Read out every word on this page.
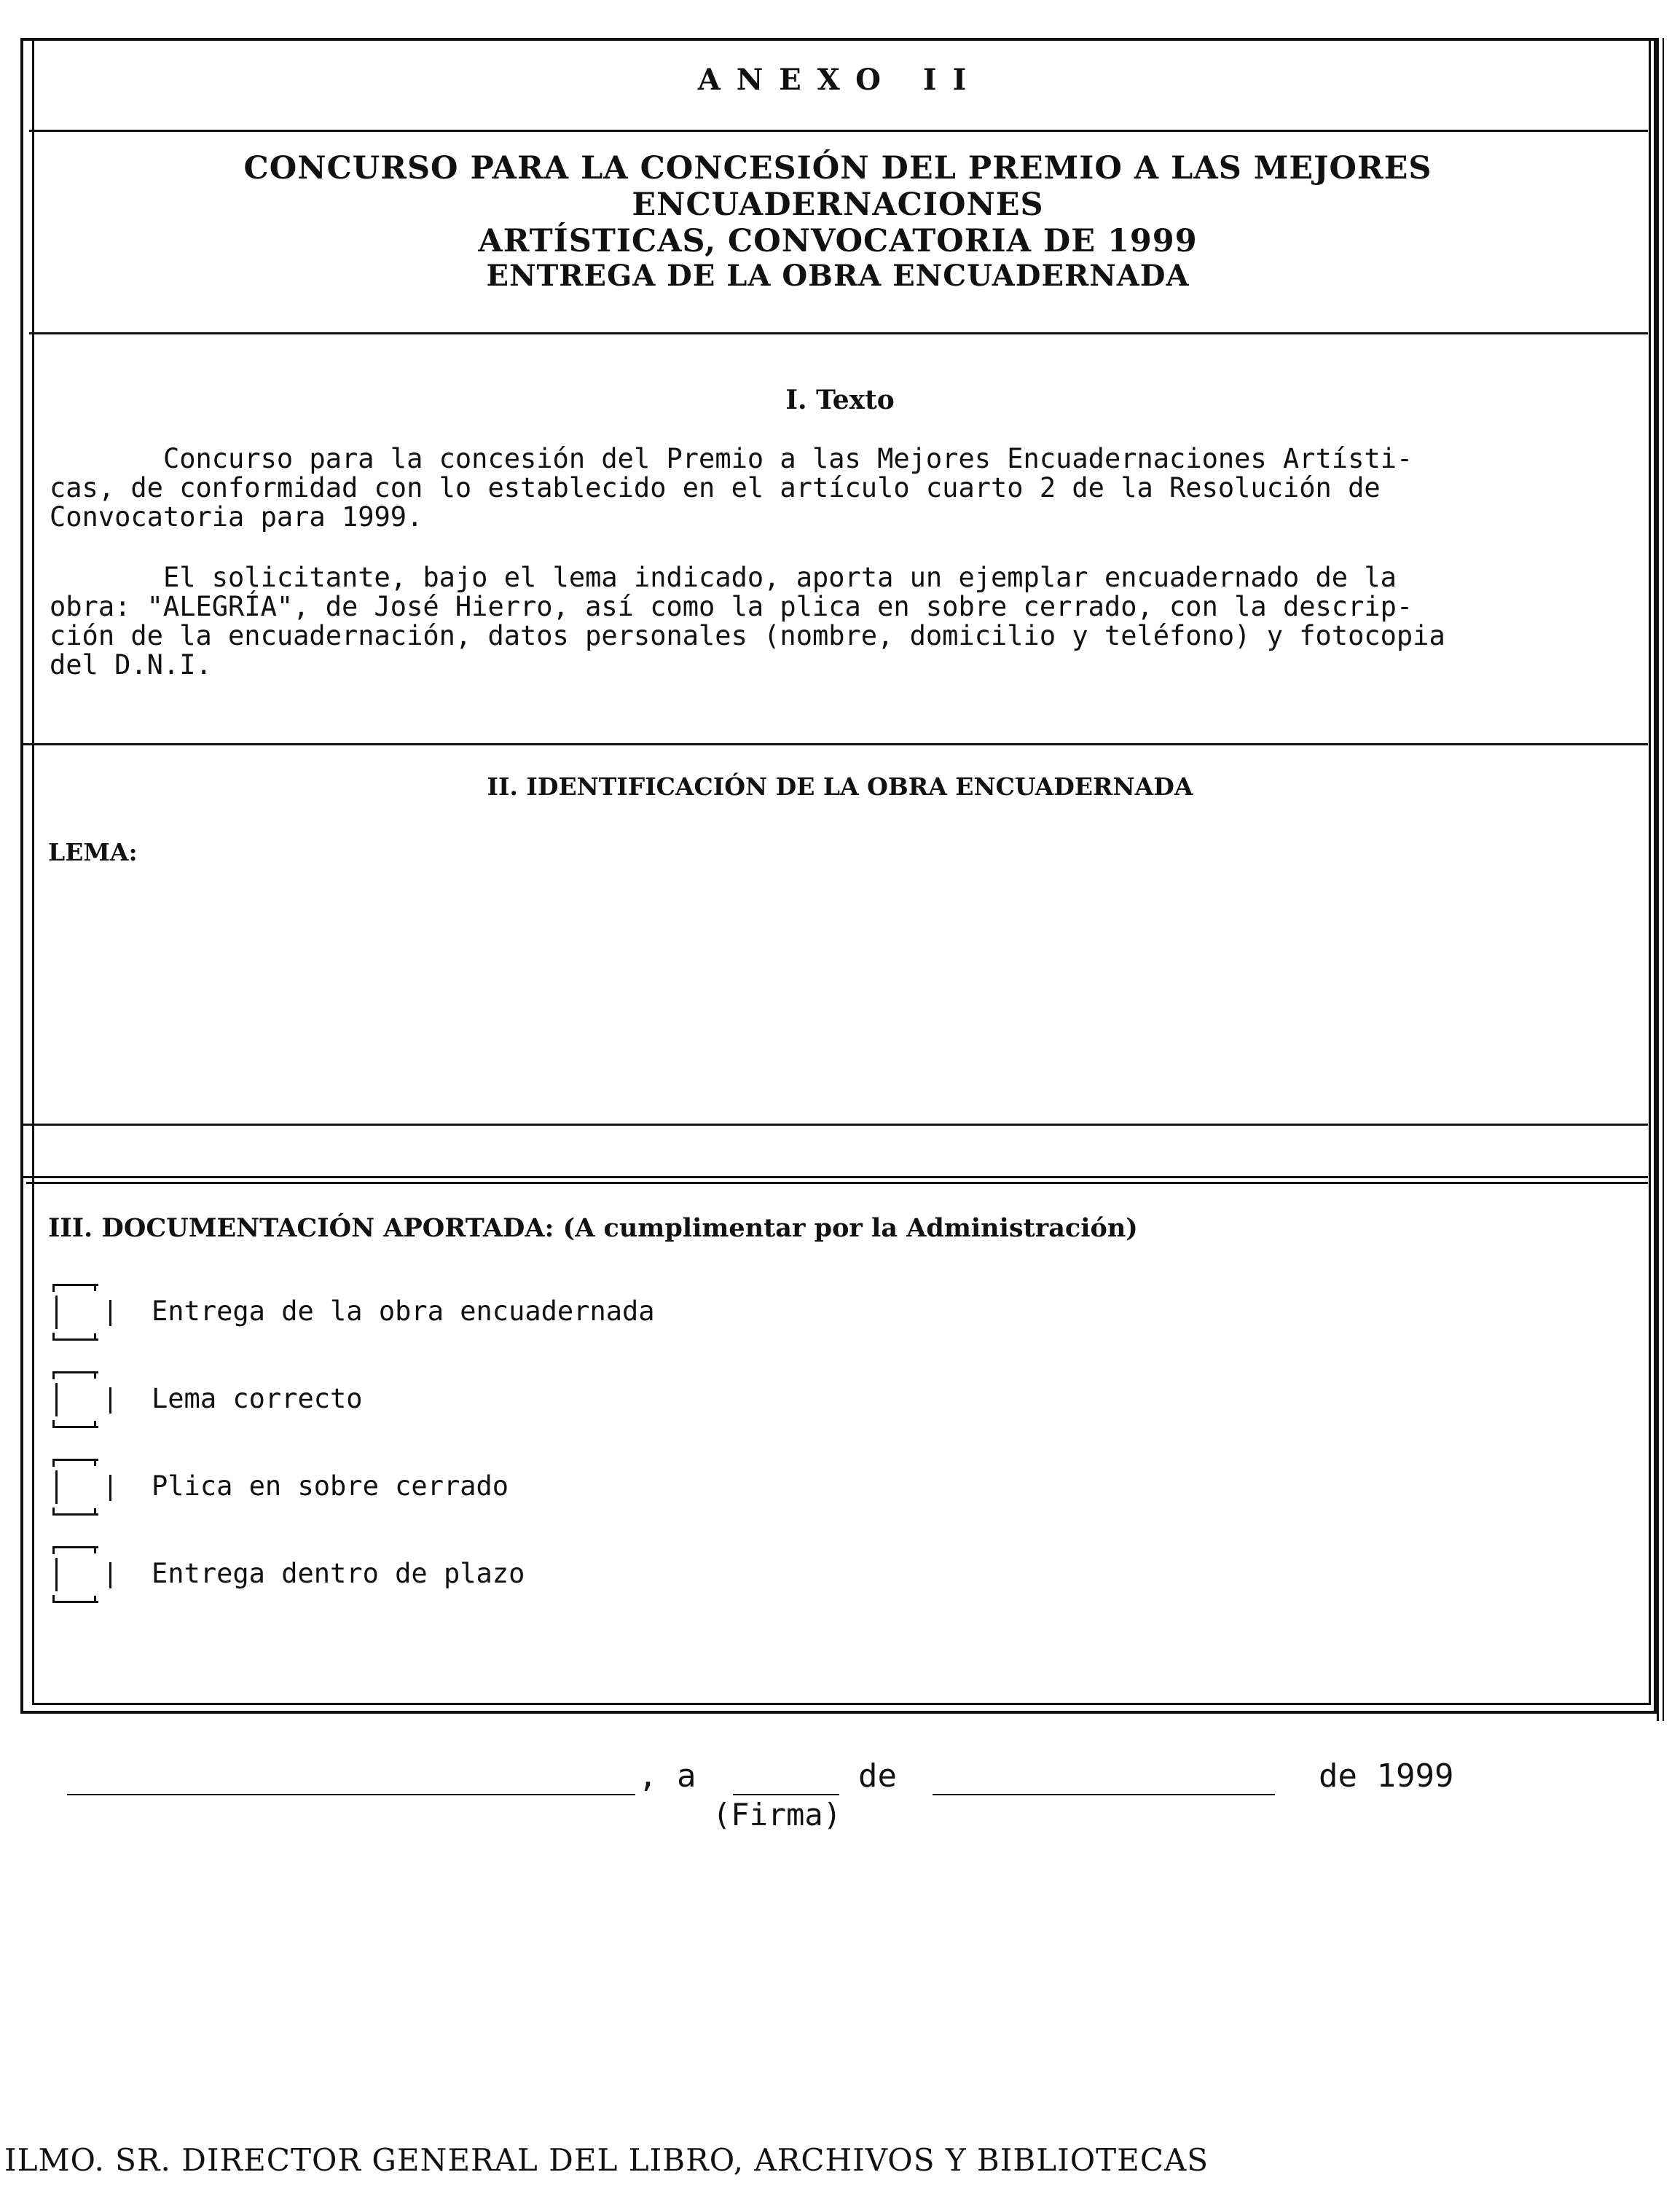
ANEXO II
CONCURSO PARA LA CONCESIÓN DEL PREMIO A LAS MEJORES ENCUADERNACIONES
ARTÍSTICAS, CONVOCATORIA DE 1999
ENTREGA DE LA OBRA ENCUADERNADA
I. Texto
Concurso para la concesión del Premio a las Mejores Encuadernaciones Artísti-
cas, de conformidad con lo establecido en el artículo cuarto 2 de la Resolución de
Convocatoria para 1999.
El solicitante, bajo el lema indicado, aporta un ejemplar encuadernado de la
obra: "ALEGRÍA", de José Hierro, así como la plica en sobre cerrado, con la descrip-
ción de la encuadernación, datos personales (nombre, domicilio y teléfono) y fotocopia
del D.N.I.
II. IDENTIFICACIÓN DE LA OBRA ENCUADERNADA
LEMA:
III. DOCUMENTACIÓN APORTADA: (A cumplimentar por la Administración)
Entrega de la obra encuadernada
Lema correcto
Plica en sobre cerrado
Entrega dentro de plazo
, a	de	de 1999
(Firma)
ILMO. SR. DIRECTOR GENERAL DEL LIBRO, ARCHIVOS Y BIBLIOTECAS
